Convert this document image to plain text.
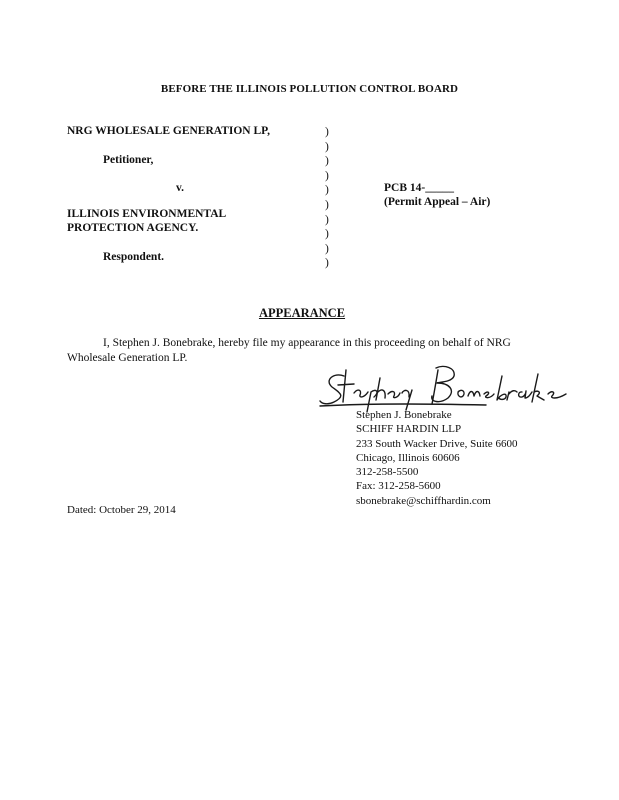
BEFORE THE ILLINOIS POLLUTION CONTROL BOARD
NRG WHOLESALE GENERATION LP,
Petitioner,
v.
ILLINOIS ENVIRONMENTAL
PROTECTION AGENCY.
Respondent.
)
)
)
)
)
)
)
)
)
)
PCB 14-_____
(Permit Appeal – Air)
APPEARANCE
I, Stephen J. Bonebrake, hereby file my appearance in this proceeding on behalf of NRG Wholesale Generation LP.
Stephen J. Bonebrake
SCHIFF HARDIN LLP
233 South Wacker Drive, Suite 6600
Chicago, Illinois 60606
312-258-5500
Fax: 312-258-5600
sbonebrake@schiffhardin.com
Dated: October 29, 2014
